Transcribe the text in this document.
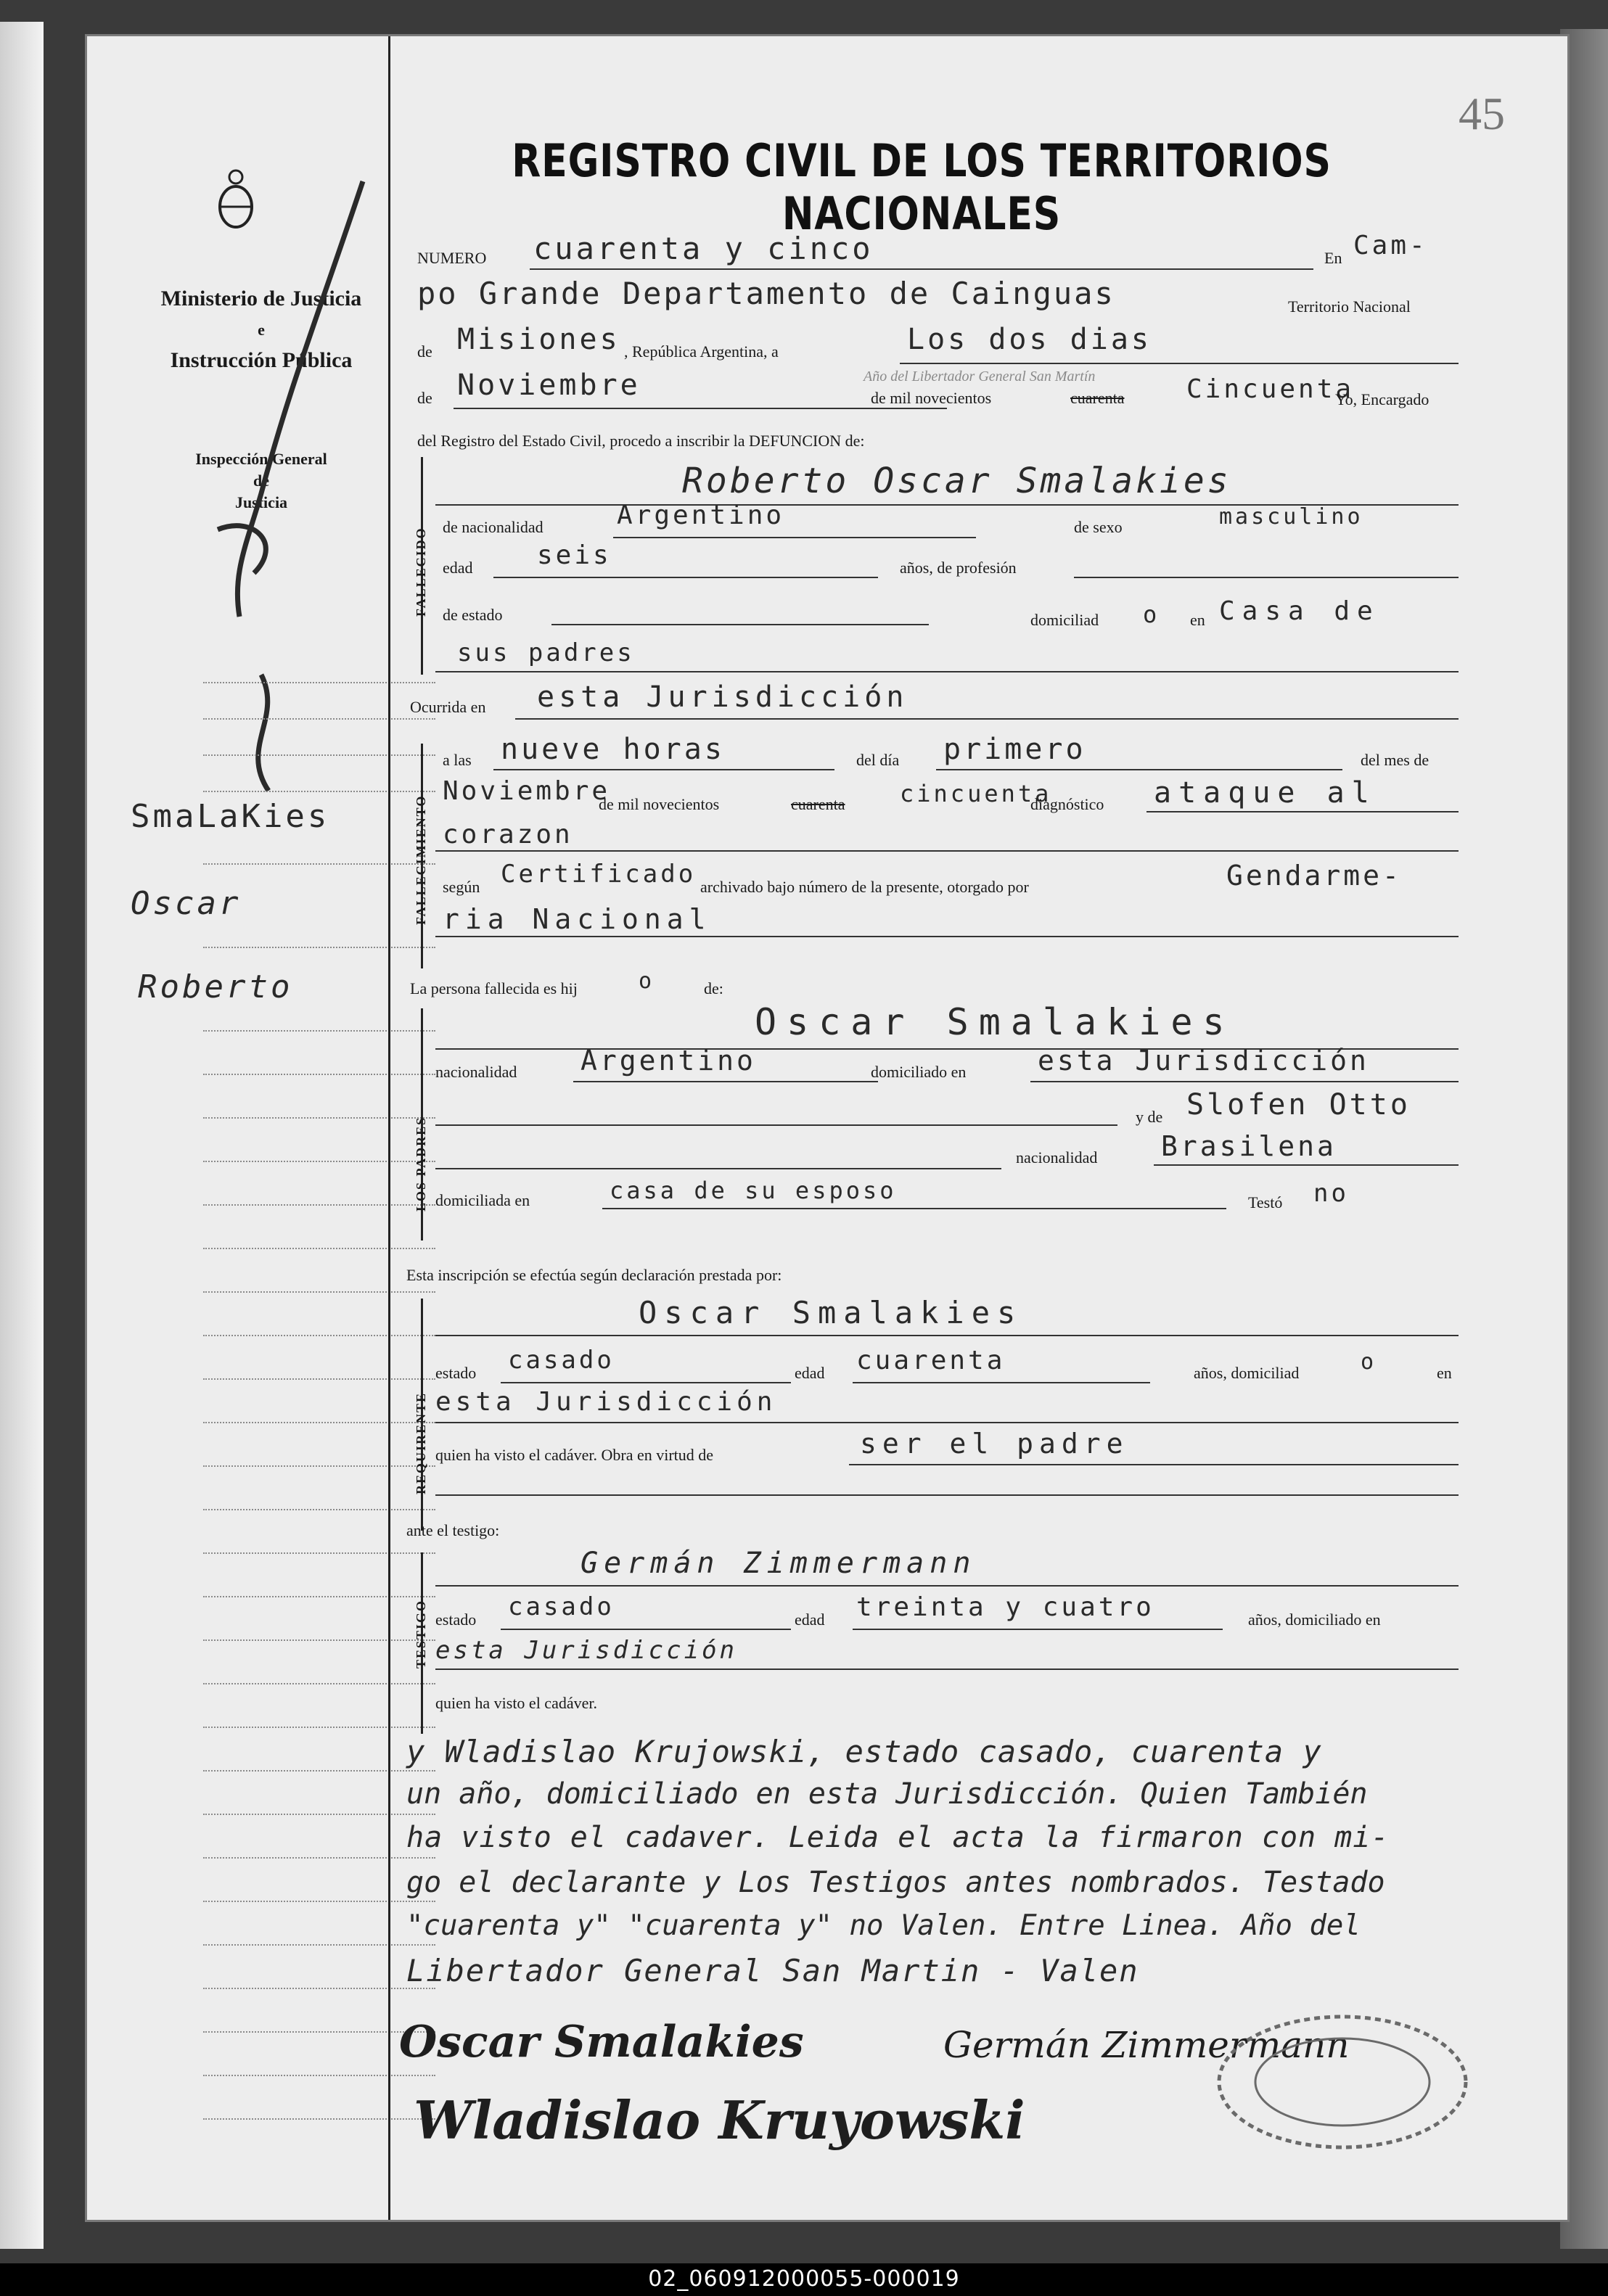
Ministerio de Justicia
e
Instrucción Pública
Inspección General
de
Justicia
SmaLaKies
Oscar
Roberto
REGISTRO CIVIL DE LOS TERRITORIOS NACIONALES
45
NUMERO cuarenta y cinco	En Cam-
po Grande Departamento de Cainguas	Territorio Nacional
de Misiones , República Argentina, a	Los dos dias
Año del Libertador General San Martín
de Noviembre	de mil novecientos	cuarenta Cincuenta
Yo, Encargado
del Registro del Estado Civil, procedo a inscribir la DEFUNCION de:
FALLECIDO
Roberto Oscar Smalakies
de nacionalidad	Argentino	de sexo	masculino
edad seis	años, de profesión
de estado	domiciliad o en Casa de
sus padres
Ocurrida en esta Jurisdicción
FALLECIMIENTO
a las nueve horas	del día primero	del mes de
Noviembre
de mil novecientos	cuarenta cincuenta
diagnóstico ataque al
corazon
según Certificado archivado bajo número de la presente, otorgado por	Gendarme-
ria Nacional
La persona fallecida es hij	o	de:
LOS PADRES
Oscar Smalakies
nacionalidad Argentino	domiciliado en	esta Jurisdicción
y de Slofen Otto
nacionalidad Brasilena
domiciliada en	casa de su esposo	Testó no
Esta inscripción se efectúa según declaración prestada por:
REQUIRENTE
Oscar Smalakies
estado casado	edad cuarenta	años, domiciliad	o	en
esta Jurisdicción
quien ha visto el cadáver. Obra en virtud de	ser el padre
ante el testigo:
TESTIGO
Germán Zimmermann
estado casado	edad treinta y cuatro	años, domiciliado en
esta Jurisdicción
quien ha visto el cadáver.
y Wladislao Krujowski, estado casado, cuarenta y
un año, domiciliado en esta Jurisdicción. Quien También
ha visto el cadaver. Leida el acta la firmaron con mi-
go el declarante y Los Testigos antes nombrados. Testado
"cuarenta y" "cuarenta y" no Valen. Entre Linea. Año del
Libertador General San Martin - Valen
Oscar Smalakies	Germán Zimmermann
Wladislao Kruyowski
02_060912000055-000019
